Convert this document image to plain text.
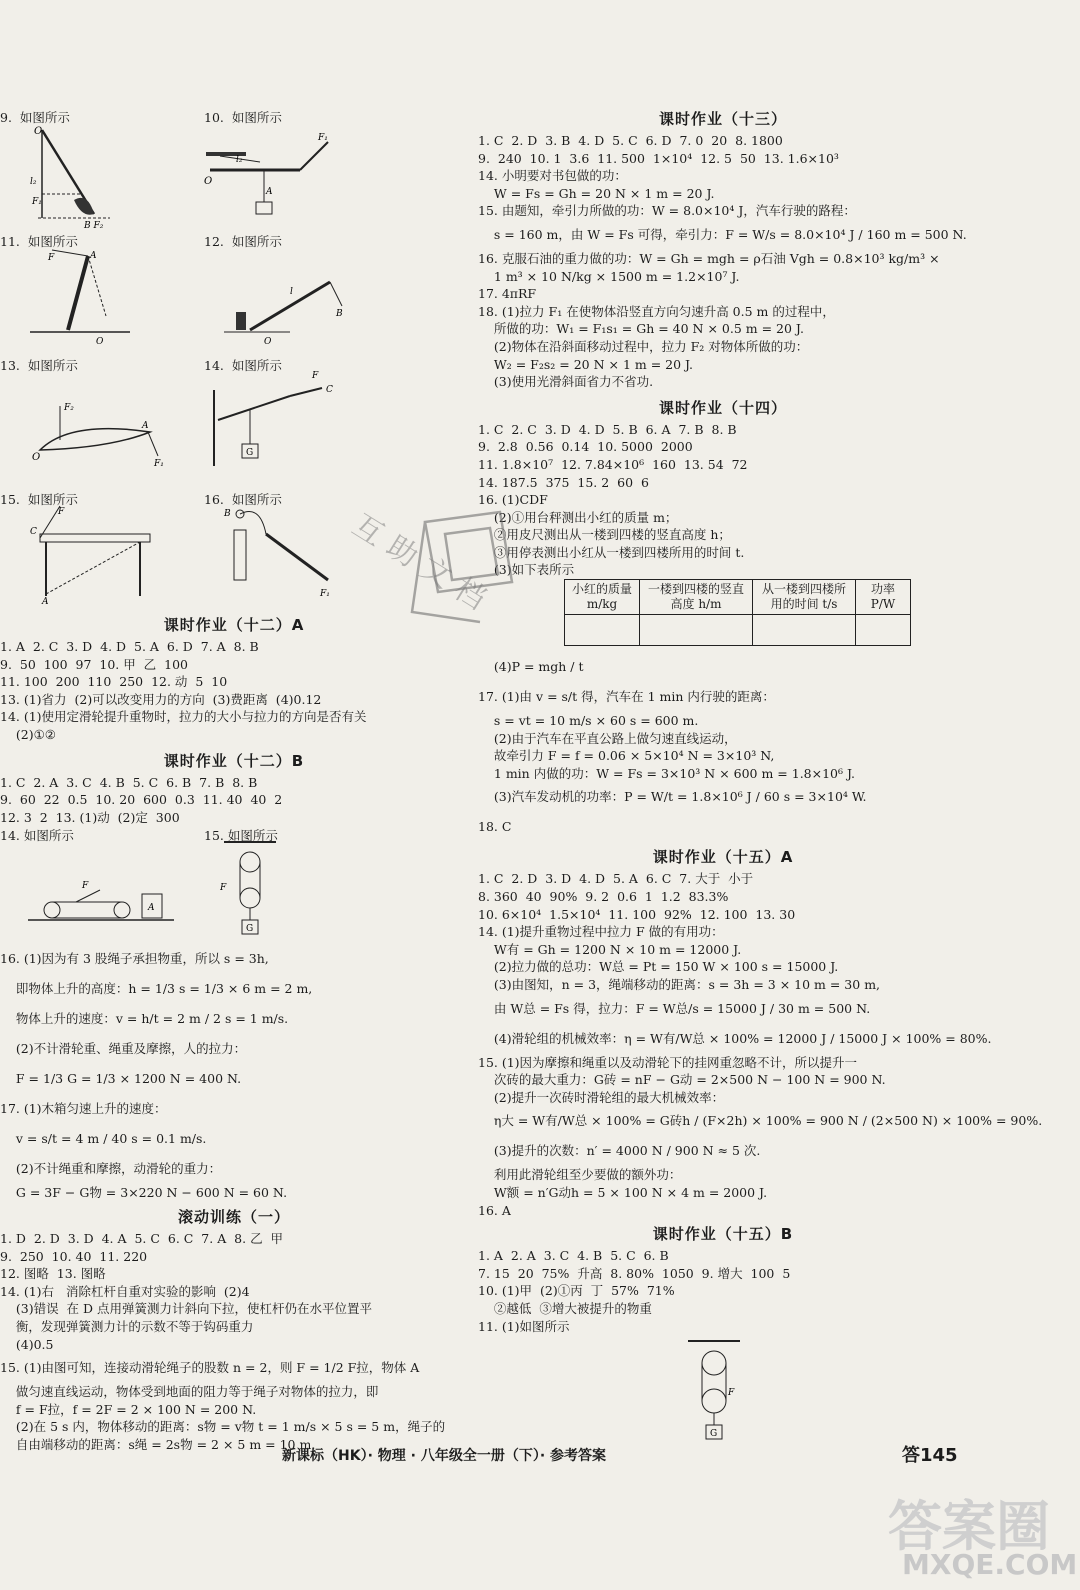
9.  如图所示	10.  如图所示
O
l₂
F₁
B F₂
O
l₂
F₁
A
11.  如图所示	12.  如图所示
F	A
O
B
l
O
13.  如图所示	14.  如图所示
F₂
O
A
F₁
G
F
C
15.  如图所示	16.  如图所示
F
C
A
B
F₁
课时作业（十二）A
1. A  2. C  3. D  4. D  5. A  6. D  7. A  8. B
9.  50  100  97  10. 甲  乙  100
11. 100  200  110  250  12. 动  5  10
13. (1)省力  (2)可以改变用力的方向  (3)费距离  (4)0.12
14. (1)使用定滑轮提升重物时，拉力的大小与拉力的方向是否有关
(2)①②
课时作业（十二）B
1. C  2. A  3. C  4. B  5. C  6. B  7. B  8. B
9.  60  22  0.5  10. 20  600  0.3  11. 40  40  2
12. 3  2  13. (1)动  (2)定  300
14. 如图所示	15. 如图所示
A
F
G
F
16. (1)因为有 3 股绳子承担物重，所以 s = 3h,
即物体上升的高度：h = 1/3 s = 1/3 × 6 m = 2 m,
物体上升的速度：v = h/t = 2 m / 2 s = 1 m/s.
(2)不计滑轮重、绳重及摩擦，人的拉力：
F = 1/3 G = 1/3 × 1200 N = 400 N.
17. (1)木箱匀速上升的速度：
v = s/t = 4 m / 40 s = 0.1 m/s.
(2)不计绳重和摩擦，动滑轮的重力：
G = 3F − G物 = 3×220 N − 600 N = 60 N.
滚动训练（一）
1. D  2. D  3. D  4. A  5. C  6. C  7. A  8. 乙  甲
9.  250  10. 40  11. 220
12. 图略  13. 图略
14. (1)右   消除杠杆自重对实验的影响  (2)4
(3)错误  在 D 点用弹簧测力计斜向下拉，使杠杆仍在水平位置平
衡，发现弹簧测力计的示数不等于钩码重力
(4)0.5
15. (1)由图可知，连接动滑轮绳子的股数 n = 2，则 F = 1/2 F拉，物体 A
做匀速直线运动，物体受到地面的阻力等于绳子对物体的拉力，即
f = F拉，f = 2F = 2 × 100 N = 200 N.
(2)在 5 s 内，物体移动的距离：s物 = v物 t = 1 m/s × 5 s = 5 m，绳子的
自由端移动的距离：s绳 = 2s物 = 2 × 5 m = 10 m.
课时作业（十三）
1. C  2. D  3. B  4. D  5. C  6. D  7. 0  20  8. 1800
9.  240  10. 1  3.6  11. 500  1×10⁴  12. 5  50  13. 1.6×10³
14. 小明要对书包做的功：
W = Fs = Gh = 20 N × 1 m = 20 J.
15. 由题知，牵引力所做的功：W = 8.0×10⁴ J，汽车行驶的路程：
s = 160 m，由 W = Fs 可得，牵引力：F = W/s = 8.0×10⁴ J / 160 m = 500 N.
16. 克服石油的重力做的功：W = Gh = mgh = ρ石油 Vgh = 0.8×10³ kg/m³ ×
1 m³ × 10 N/kg × 1500 m = 1.2×10⁷ J.
17. 4πRF
18. (1)拉力 F₁ 在使物体沿竖直方向匀速升高 0.5 m 的过程中，
所做的功：W₁ = F₁s₁ = Gh = 40 N × 0.5 m = 20 J.
(2)物体在沿斜面移动过程中，拉力 F₂ 对物体所做的功：
W₂ = F₂s₂ = 20 N × 1 m = 20 J.
(3)使用光滑斜面省力不省功.
课时作业（十四）
1. C  2. C  3. D  4. D  5. B  6. A  7. B  8. B
9.  2.8  0.56  0.14  10. 5000  2000
11. 1.8×10⁷  12. 7.84×10⁶  160  13. 54  72
14. 187.5  375  15. 2  60  6
16. (1)CDF
(2)①用台秤测出小红的质量 m；
②用皮尺测出从一楼到四楼的竖直高度 h；
③用停表测出小红从一楼到四楼所用的时间 t.
(3)如下表所示
小红的质量 m/kg	一楼到四楼的竖直高度 h/m	从一楼到四楼所用的时间 t/s	功率 P/W

(4)P = mgh / t
17. (1)由 v = s/t 得，汽车在 1 min 内行驶的距离：
s = vt = 10 m/s × 60 s = 600 m.
(2)由于汽车在平直公路上做匀速直线运动，
故牵引力 F = f = 0.06 × 5×10⁴ N = 3×10³ N,
1 min 内做的功：W = Fs = 3×10³ N × 600 m = 1.8×10⁶ J.
(3)汽车发动机的功率：P = W/t = 1.8×10⁶ J / 60 s = 3×10⁴ W.
18. C
课时作业（十五）A
1. C  2. D  3. D  4. D  5. A  6. C  7. 大于  小于
8. 360  40  90%  9. 2  0.6  1  1.2  83.3%
10. 6×10⁴  1.5×10⁴  11. 100  92%  12. 100  13. 30
14. (1)提升重物过程中拉力 F 做的有用功：
W有 = Gh = 1200 N × 10 m = 12000 J.
(2)拉力做的总功：W总 = Pt = 150 W × 100 s = 15000 J.
(3)由图知，n = 3，绳端移动的距离：s = 3h = 3 × 10 m = 30 m,
由 W总 = Fs 得，拉力：F = W总/s = 15000 J / 30 m = 500 N.
(4)滑轮组的机械效率：η = W有/W总 × 100% = 12000 J / 15000 J × 100% = 80%.
15. (1)因为摩擦和绳重以及动滑轮下的挂网重忽略不计，所以提升一
次砖的最大重力：G砖 = nF − G动 = 2×500 N − 100 N = 900 N.
(2)提升一次砖时滑轮组的最大机械效率：
η大 = W有/W总 × 100% = G砖h / (F×2h) × 100% = 900 N / (2×500 N) × 100% = 90%.
(3)提升的次数：n′ = 4000 N / 900 N ≈ 5 次.
利用此滑轮组至少要做的额外功：
W额 = n′G动h = 5 × 100 N × 4 m = 2000 J.
16. A
课时作业（十五）B
1. A  2. A  3. C  4. B  5. C  6. B
7. 15  20  75%  升高  8. 80%  1050  9. 增大  100  5
10. (1)甲  (2)①丙  丁  57%  71%
②越低  ③增大被提升的物重
11. (1)如图所示
G
F
互助文档
答案圈
MXQE.COM
新课标（HK）· 物理 · 八年级全一册（下）· 参考答案	答145
